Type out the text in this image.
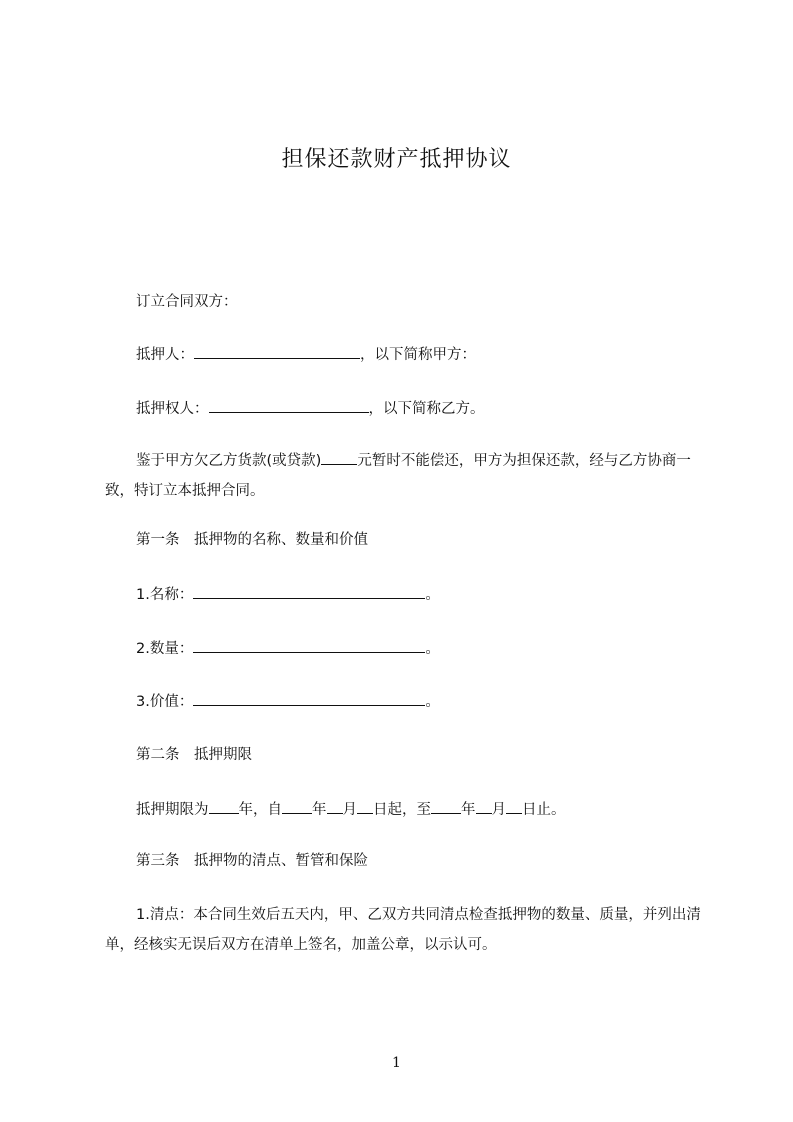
担保还款财产抵押协议
订立合同双方：
抵押人：	，以下简称甲方：
抵押权人：	，以下简称乙方。
鉴于甲方欠乙方货款(或贷款) 元暂时不能偿还，甲方为担保还款，经与乙方协商一致，特订立本抵押合同。
第一条　抵押物的名称、数量和价值
1.名称：	。
2.数量：	。
3.价值：	。
第二条　抵押期限
抵押期限为 年，自 年 月 日起，至 年 月 日止。
第三条　抵押物的清点、暂管和保险
1.清点：本合同生效后五天内，甲、乙双方共同清点检查抵押物的数量、质量，并列出清单，经核实无误后双方在清单上签名，加盖公章，以示认可。
1
